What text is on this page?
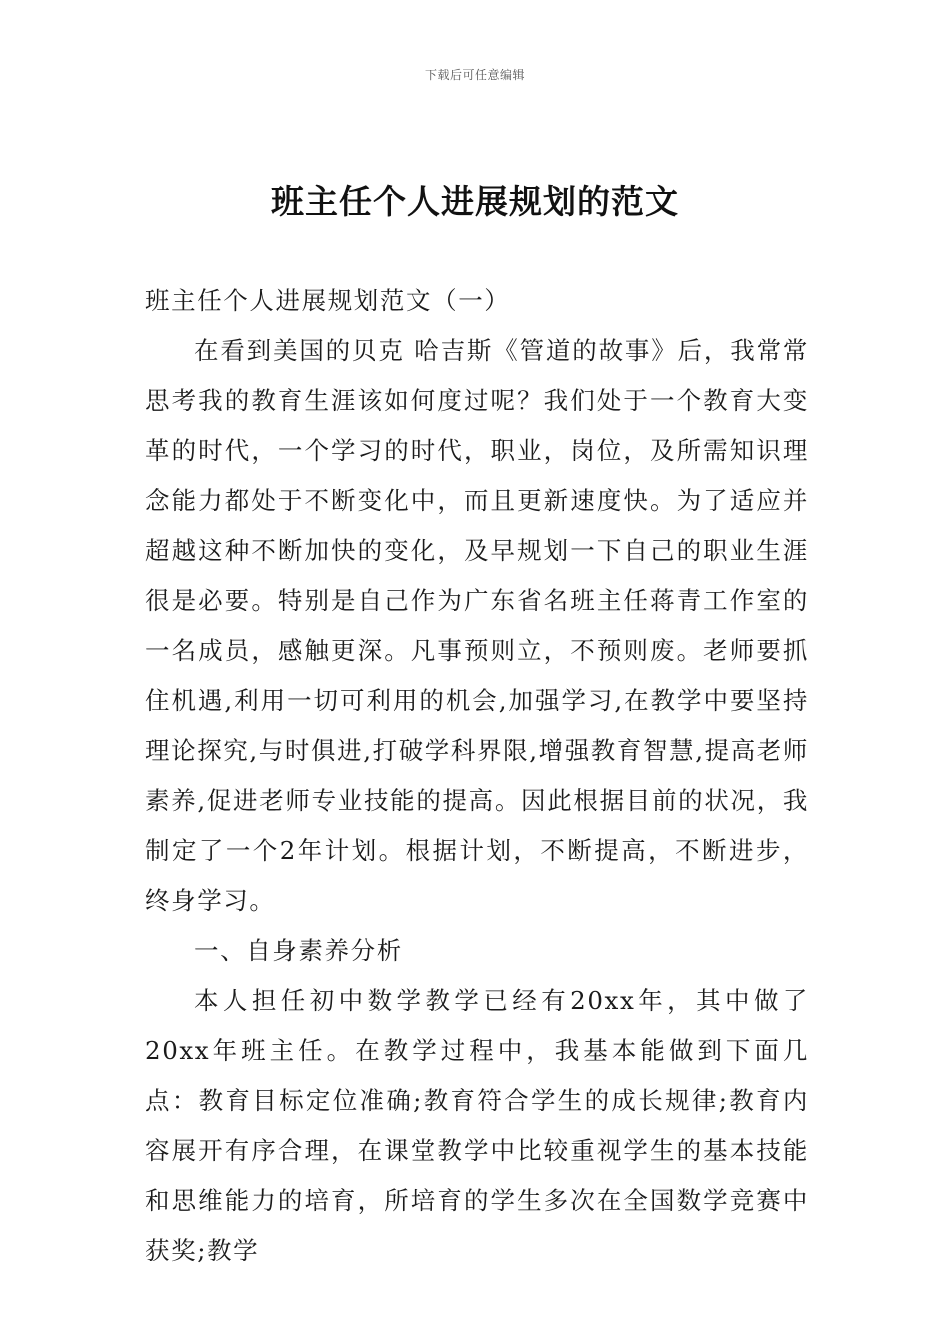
下载后可任意编辑
班主任个人进展规划的范文

班主任个人进展规划范文（一）

在看到美国的贝克 哈吉斯《管道的故事》后，我常常思考我的教育生涯该如何度过呢？我们处于一个教育大变革的时代，一个学习的时代，职业，岗位，及所需知识理念能力都处于不断变化中，而且更新速度快。为了适应并超越这种不断加快的变化，及早规划一下自己的职业生涯很是必要。特别是自己作为广东省名班主任蒋青工作室的一名成员，感触更深。凡事预则立，不预则废。老师要抓住机遇,利用一切可利用的机会,加强学习,在教学中要坚持理论探究,与时俱进,打破学科界限,增强教育智慧,提高老师素养,促进老师专业技能的提高。因此根据目前的状况，我制定了一个2年计划。根据计划，不断提高，不断进步，终身学习。

一、自身素养分析

本人担任初中数学教学已经有20xx年，其中做了20xx年班主任。在教学过程中，我基本能做到下面几点：教育目标定位准确;教育符合学生的成长规律;教育内容展开有序合理，在课堂教学中比较重视学生的基本技能和思维能力的培育，所培育的学生多次在全国数学竞赛中获奖;教学
